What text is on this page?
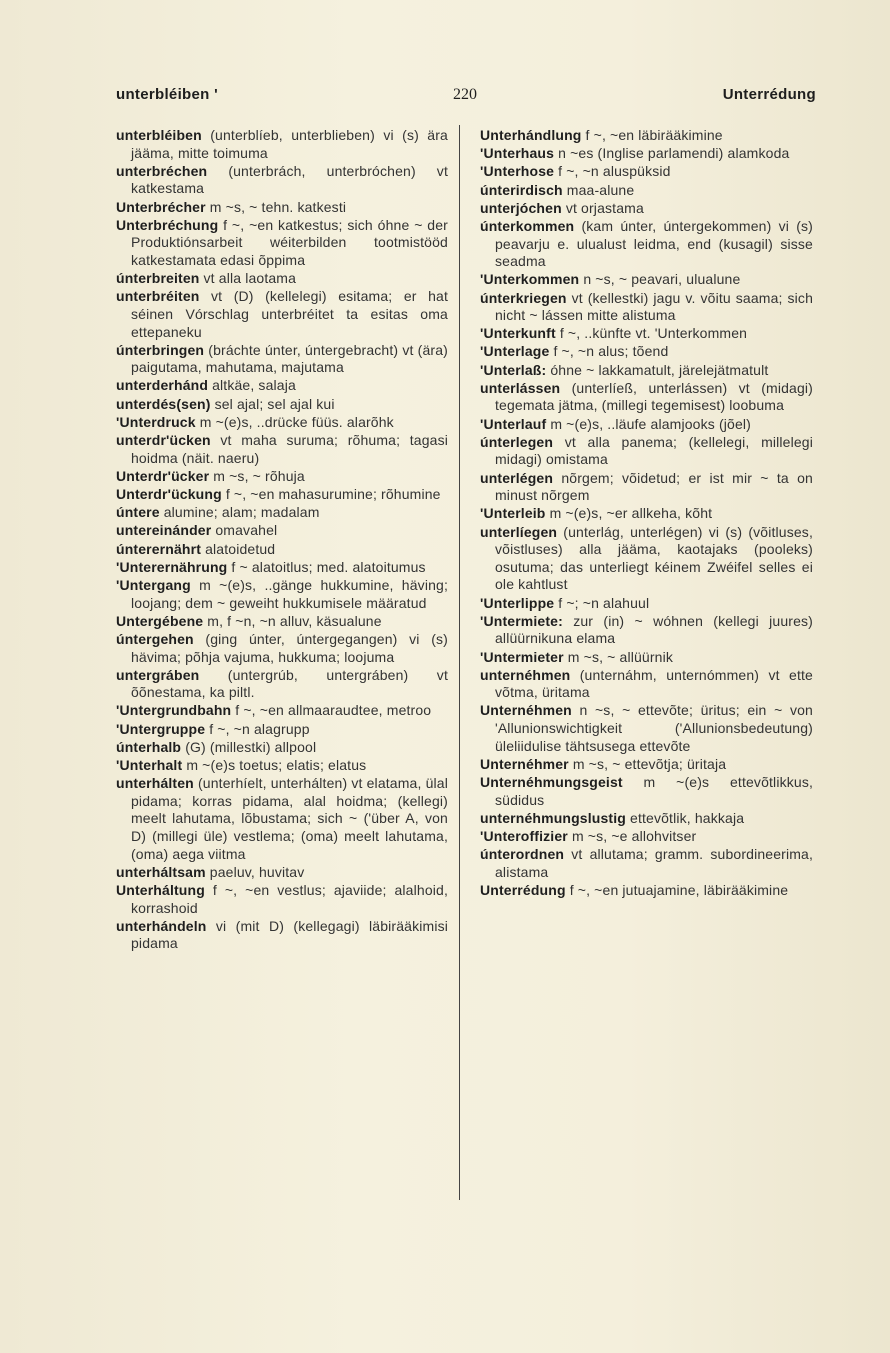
unterbléiben '	220	Unterrédung

unterbléiben (unterblíeb, unterblieben) vi (s) ära jääma, mitte toimuma

unterbréchen (unterbrách, unterbróchen) vt katkestama

Unterbrécher m ~s, ~ tehn. katkesti

Unterbréchung f ~, ~en katkestus; sich óhne ~ der Produktiónsarbeit wéiterbilden tootmistööd katkestamata edasi õppima

únterbreiten vt alla laotama

unterbréiten vt (D) (kellelegi) esitama; er hat séinen Vórschlag unterbréitet ta esitas oma ettepaneku

únterbringen (bráchte únter, úntergebracht) vt (ära) paigutama, mahutama, majutama

unterderhánd altkäe, salaja

unterdés(sen) sel ajal; sel ajal kui

'Unterdruck m ~(e)s, ..drücke füüs. alarõhk

unterdr'ücken vt maha suruma; rõhuma; tagasi hoidma (näit. naeru)

Unterdr'ücker m ~s, ~ rõhuja

Unterdr'ückung f ~, ~en mahasurumine; rõhumine

úntere alumine; alam; madalam

untereinánder omavahel

únterernährt alatoidetud

'Unterernährung f ~ alatoitlus; med. alatoitumus

'Untergang m ~(e)s, ..gänge hukkumine, häving; loojang; dem ~ geweiht hukkumisele määratud

Untergébene m, f ~n, ~n alluv, käsualune

úntergehen (ging únter, úntergegangen) vi (s) hävima; põhja vajuma, hukkuma; loojuma

untergráben (untergrúb, untergráben) vt õõnestama, ka piltl.

'Untergrundbahn f ~, ~en allmaaraudtee, metroo

'Untergruppe f ~, ~n alagrupp

únterhalb (G) (millestki) allpool

'Unterhalt m ~(e)s toetus; elatis; elatus

unterhálten (unterhíelt, unterhálten) vt elatama, ülal pidama; korras pidama, alal hoidma; (kellegi) meelt lahutama, lõbustama; sich ~ ('über A, von D) (millegi üle) vestlema; (oma) meelt lahutama, (oma) aega viitma

unterháltsam paeluv, huvitav

Unterháltung f ~, ~en vestlus; ajaviide; alalhoid, korrashoid

unterhándeln vi (mit D) (kellegagi) läbirääkimisi pidama

Unterhándlung f ~, ~en läbirääkimine

'Unterhaus n ~es (Inglise parlamendi) alamkoda

'Unterhose f ~, ~n aluspüksid

únterirdisch maa-alune

unterjóchen vt orjastama

únterkommen (kam únter, úntergekommen) vi (s) peavarju e. ulualust leidma, end (kusagil) sisse seadma

'Unterkommen n ~s, ~ peavari, ulualune

únterkriegen vt (kellestki) jagu v. võitu saama; sich nicht ~ lássen mitte alistuma

'Unterkunft f ~, ..künfte vt. 'Unterkommen

'Unterlage f ~, ~n alus; tõend

'Unterlaß: óhne ~ lakkamatult, järelejätmatult

unterlássen (unterlíeß, unterlássen) vt (midagi) tegemata jätma, (millegi tegemisest) loobuma

'Unterlauf m ~(e)s, ..läufe alamjooks (jõel)

únterlegen vt alla panema; (kellelegi, millelegi midagi) omistama

unterlégen nõrgem; võidetud; er ist mir ~ ta on minust nõrgem

'Unterleib m ~(e)s, ~er allkeha, kõht

unterlíegen (unterlág, unterlégen) vi (s) (võitluses, võistluses) alla jääma, kaotajaks (pooleks) osutuma; das unterliegt kéinem Zwéifel selles ei ole kahtlust

'Unterlippe f ~; ~n alahuul

'Untermiete: zur (in) ~ wóhnen (kellegi juures) allüürnikuna elama

'Untermieter m ~s, ~ allüürnik

unternéhmen (unternáhm, unternómmen) vt ette võtma, üritama

Unternéhmen n ~s, ~ ettevõte; üritus; ein ~ von 'Allunionswichtigkeit ('Allunionsbedeutung) üleliidulise tähtsusega ettevõte

Unternéhmer m ~s, ~ ettevõtja; üritaja

Unternéhmungsgeist m ~(e)s ettevõtlikkus, südidus

unternéhmungslustig ettevõtlik, hakkaja

'Unteroffizier m ~s, ~e allohvitser

únterordnen vt allutama; gramm. subordineerima, alistama

Unterrédung f ~, ~en jutuajamine, läbirääkimine
